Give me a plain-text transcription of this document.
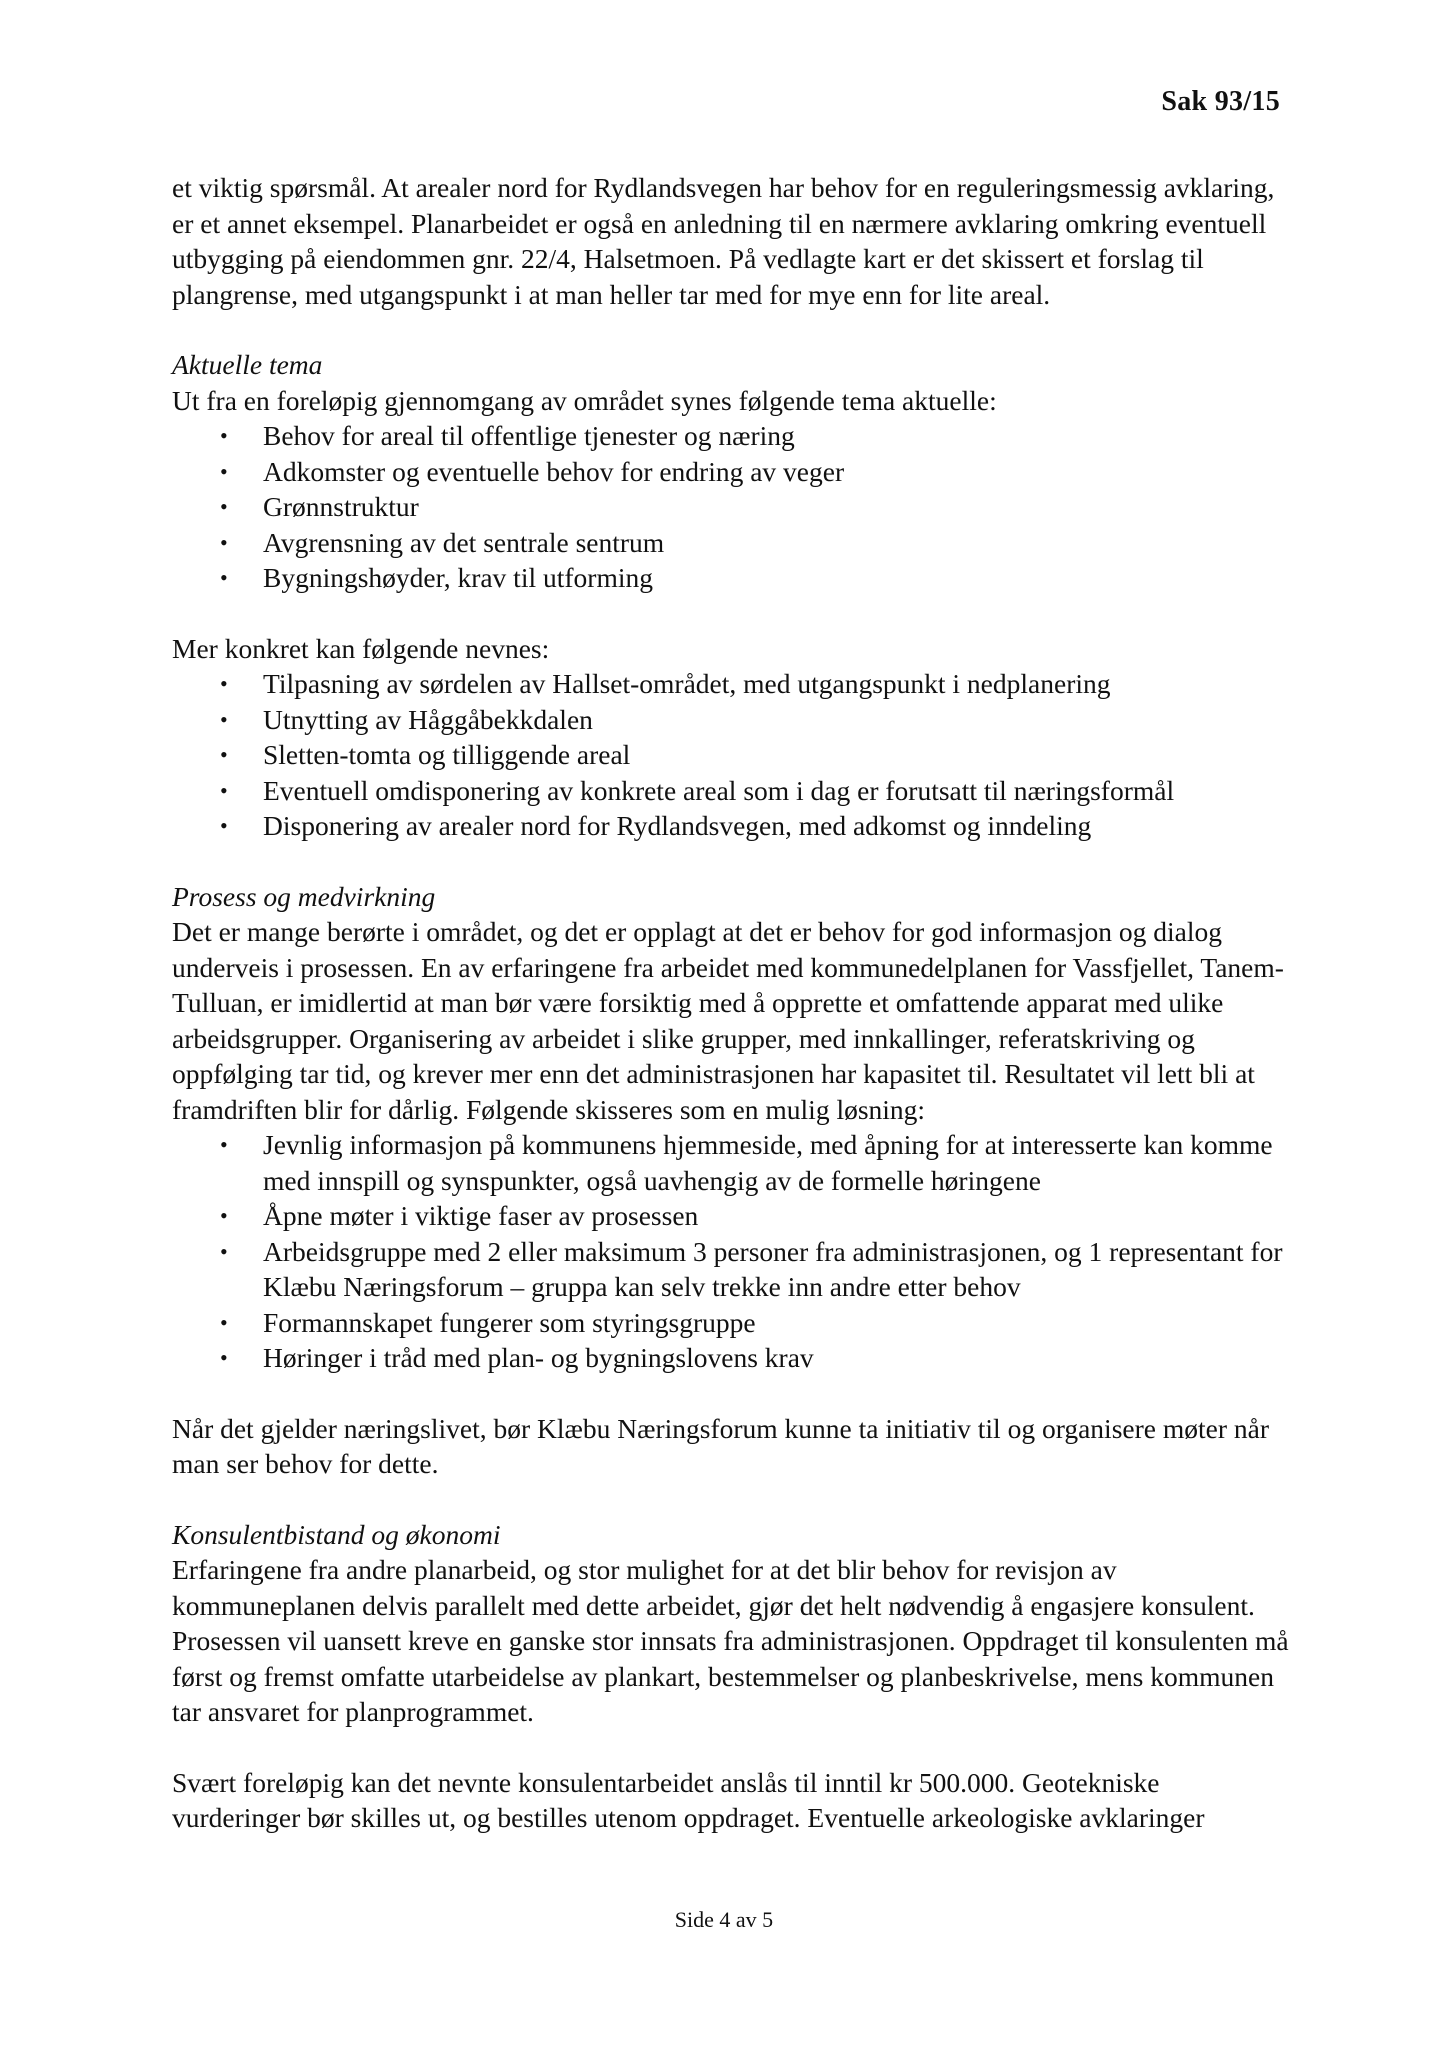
Sak 93/15

et viktig spørsmål. At arealer nord for Rydlandsvegen har behov for en reguleringsmessig avklaring, er et annet eksempel. Planarbeidet er også en anledning til en nærmere avklaring omkring eventuell utbygging på eiendommen gnr. 22/4, Halsetmoen. På vedlagte kart er det skissert et forslag til plangrense, med utgangspunkt i at man heller tar med for mye enn for lite areal.

Aktuelle tema

Ut fra en foreløpig gjennomgang av området synes følgende tema aktuelle:

• Behov for areal til offentlige tjenester og næring
• Adkomster og eventuelle behov for endring av veger
• Grønnstruktur
• Avgrensning av det sentrale sentrum
• Bygningshøyder, krav til utforming

Mer konkret kan følgende nevnes:

• Tilpasning av sørdelen av Hallset-området, med utgangspunkt i nedplanering
• Utnytting av Håggåbekkdalen
• Sletten-tomta og tilliggende areal
• Eventuell omdisponering av konkrete areal som i dag er forutsatt til næringsformål
• Disponering av arealer nord for Rydlandsvegen, med adkomst og inndeling

Prosess og medvirkning

Det er mange berørte i området, og det er opplagt at det er behov for god informasjon og dialog underveis i prosessen. En av erfaringene fra arbeidet med kommunedelplanen for Vassfjellet, Tanem-Tulluan, er imidlertid at man bør være forsiktig med å opprette et omfattende apparat med ulike arbeidsgrupper. Organisering av arbeidet i slike grupper, med innkallinger, referatskriving og oppfølging tar tid, og krever mer enn det administrasjonen har kapasitet til. Resultatet vil lett bli at framdriften blir for dårlig. Følgende skisseres som en mulig løsning:

• Jevnlig informasjon på kommunens hjemmeside, med åpning for at interesserte kan komme med innspill og synspunkter, også uavhengig av de formelle høringene
• Åpne møter i viktige faser av prosessen
• Arbeidsgruppe med 2 eller maksimum 3 personer fra administrasjonen, og 1 representant for Klæbu Næringsforum – gruppa kan selv trekke inn andre etter behov
• Formannskapet fungerer som styringsgruppe
• Høringer i tråd med plan- og bygningslovens krav

Når det gjelder næringslivet, bør Klæbu Næringsforum kunne ta initiativ til og organisere møter når man ser behov for dette.

Konsulentbistand og økonomi

Erfaringene fra andre planarbeid, og stor mulighet for at det blir behov for revisjon av kommuneplanen delvis parallelt med dette arbeidet, gjør det helt nødvendig å engasjere konsulent. Prosessen vil uansett kreve en ganske stor innsats fra administrasjonen. Oppdraget til konsulenten må først og fremst omfatte utarbeidelse av plankart, bestemmelser og planbeskrivelse, mens kommunen tar ansvaret for planprogrammet.

Svært foreløpig kan det nevnte konsulentarbeidet anslås til inntil kr 500.000. Geotekniske vurderinger bør skilles ut, og bestilles utenom oppdraget. Eventuelle arkeologiske avklaringer

Side 4 av 5
